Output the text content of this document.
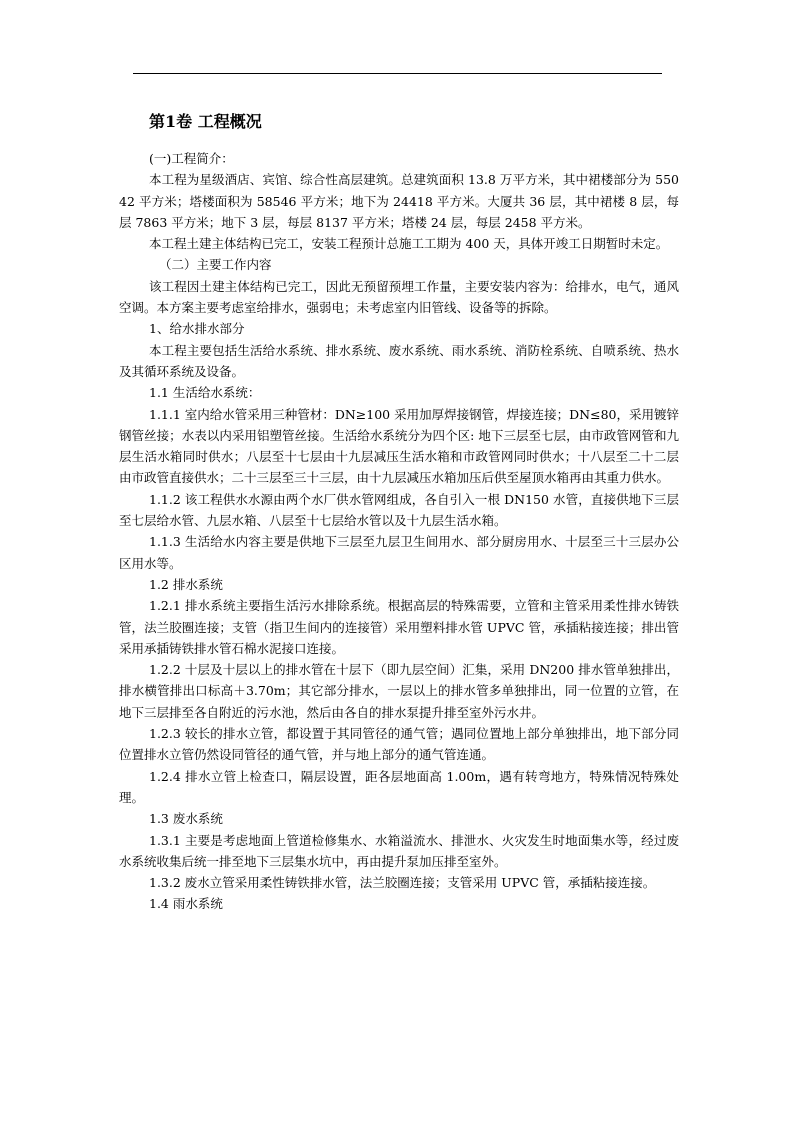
第1卷 工程概况

(一)工程简介：

本工程为星级酒店、宾馆、综合性高层建筑。总建筑面积 13.8 万平方米，其中裙楼部分为 55042 平方米；塔楼面积为 58546 平方米；地下为 24418 平方米。大厦共 36 层，其中裙楼 8 层，每层 7863 平方米；地下 3 层，每层 8137 平方米；塔楼 24 层，每层 2458 平方米。

本工程土建主体结构已完工，安装工程预计总施工工期为 400 天，具体开竣工日期暂时未定。

（二）主要工作内容

该工程因土建主体结构已完工，因此无预留预埋工作量，主要安装内容为：给排水，电气，通风空调。本方案主要考虑室给排水，强弱电；未考虑室内旧管线、设备等的拆除。

1、给水排水部分

本工程主要包括生活给水系统、排水系统、废水系统、雨水系统、消防栓系统、自喷系统、热水及其循环系统及设备。

1.1 生活给水系统：

1.1.1 室内给水管采用三种管材：DN≥100 采用加厚焊接钢管，焊接连接；DN≤80，采用镀锌钢管丝接；水表以内采用铝塑管丝接。生活给水系统分为四个区: 地下三层至七层，由市政管网管和九层生活水箱同时供水；八层至十七层由十九层减压生活水箱和市政管网同时供水；十八层至二十二层由市政管直接供水；二十三层至三十三层，由十九层减压水箱加压后供至屋顶水箱再由其重力供水。

1.1.2 该工程供水水源由两个水厂供水管网组成，各自引入一根 DN150 水管，直接供地下三层至七层给水管、九层水箱、八层至十七层给水管以及十九层生活水箱。

1.1.3 生活给水内容主要是供地下三层至九层卫生间用水、部分厨房用水、十层至三十三层办公区用水等。

1.2 排水系统

1.2.1 排水系统主要指生活污水排除系统。根据高层的特殊需要，立管和主管采用柔性排水铸铁管，法兰胶圈连接；支管（指卫生间内的连接管）采用塑料排水管 UPVC 管，承插粘接连接；排出管采用承插铸铁排水管石棉水泥接口连接。

1.2.2 十层及十层以上的排水管在十层下（即九层空间）汇集，采用 DN200 排水管单独排出，排水横管排出口标高＋3.70m；其它部分排水，一层以上的排水管多单独排出，同一位置的立管，在地下三层排至各自附近的污水池，然后由各自的排水泵提升排至室外污水井。

1.2.3 较长的排水立管，都设置于其同管径的通气管；遇同位置地上部分单独排出，地下部分同位置排水立管仍然设同管径的通气管，并与地上部分的通气管连通。

1.2.4 排水立管上检查口，隔层设置，距各层地面高 1.00m，遇有转弯地方，特殊情况特殊处理。

1.3 废水系统

1.3.1 主要是考虑地面上管道检修集水、水箱溢流水、排泄水、火灾发生时地面集水等，经过废水系统收集后统一排至地下三层集水坑中，再由提升泵加压排至室外。

1.3.2 废水立管采用柔性铸铁排水管，法兰胶圈连接；支管采用 UPVC 管，承插粘接连接。

1.4 雨水系统
